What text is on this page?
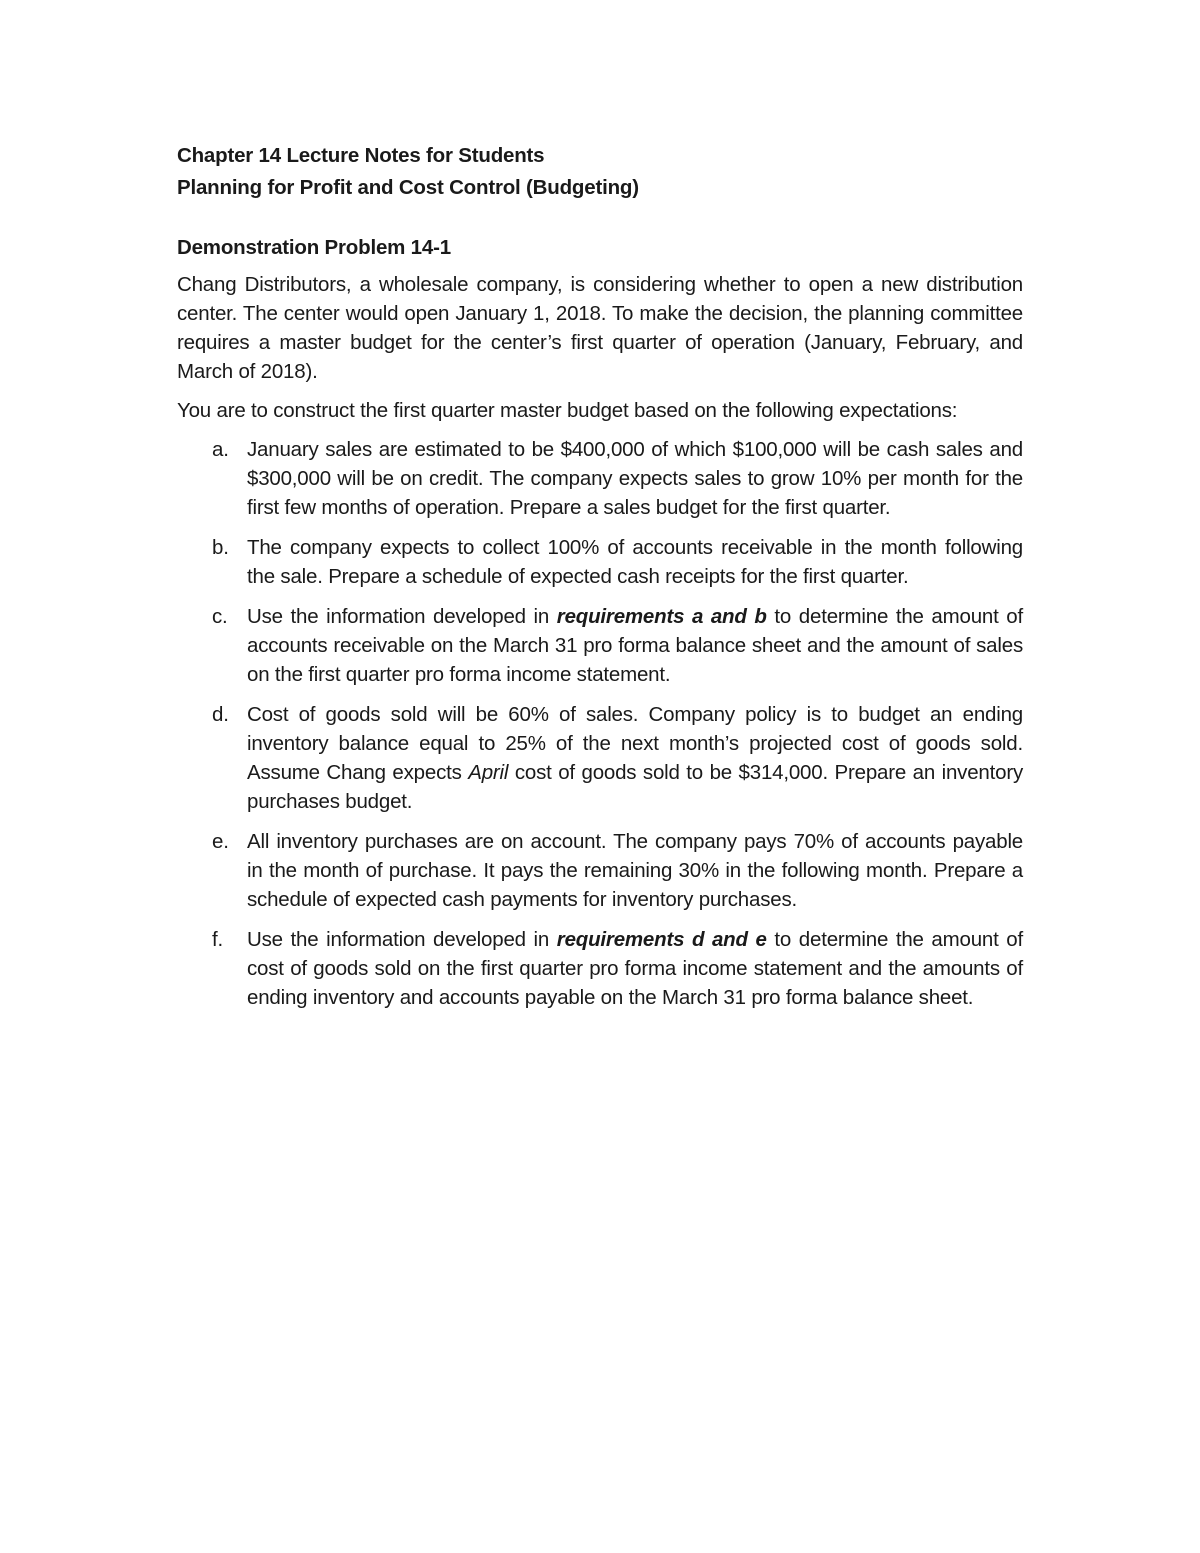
Chapter 14 Lecture Notes for Students

Planning for Profit and Cost Control (Budgeting)

Demonstration Problem 14-1

Chang Distributors, a wholesale company, is considering whether to open a new distribution center. The center would open January 1, 2018. To make the decision, the planning committee requires a master budget for the center’s first quarter of operation (January, February, and March of 2018).

You are to construct the first quarter master budget based on the following expectations:

a. January sales are estimated to be $400,000 of which $100,000 will be cash sales and $300,000 will be on credit. The company expects sales to grow 10% per month for the first few months of operation. Prepare a sales budget for the first quarter.
b. The company expects to collect 100% of accounts receivable in the month following the sale. Prepare a schedule of expected cash receipts for the first quarter.
c. Use the information developed in requirements a and b to determine the amount of accounts receivable on the March 31 pro forma balance sheet and the amount of sales on the first quarter pro forma income statement.
d. Cost of goods sold will be 60% of sales. Company policy is to budget an ending inventory balance equal to 25% of the next month’s projected cost of goods sold. Assume Chang expects April cost of goods sold to be $314,000. Prepare an inventory purchases budget.
e. All inventory purchases are on account. The company pays 70% of accounts payable in the month of purchase. It pays the remaining 30% in the following month. Prepare a schedule of expected cash payments for inventory purchases.
f. Use the information developed in requirements d and e to determine the amount of cost of goods sold on the first quarter pro forma income statement and the amounts of ending inventory and accounts payable on the March 31 pro forma balance sheet.
